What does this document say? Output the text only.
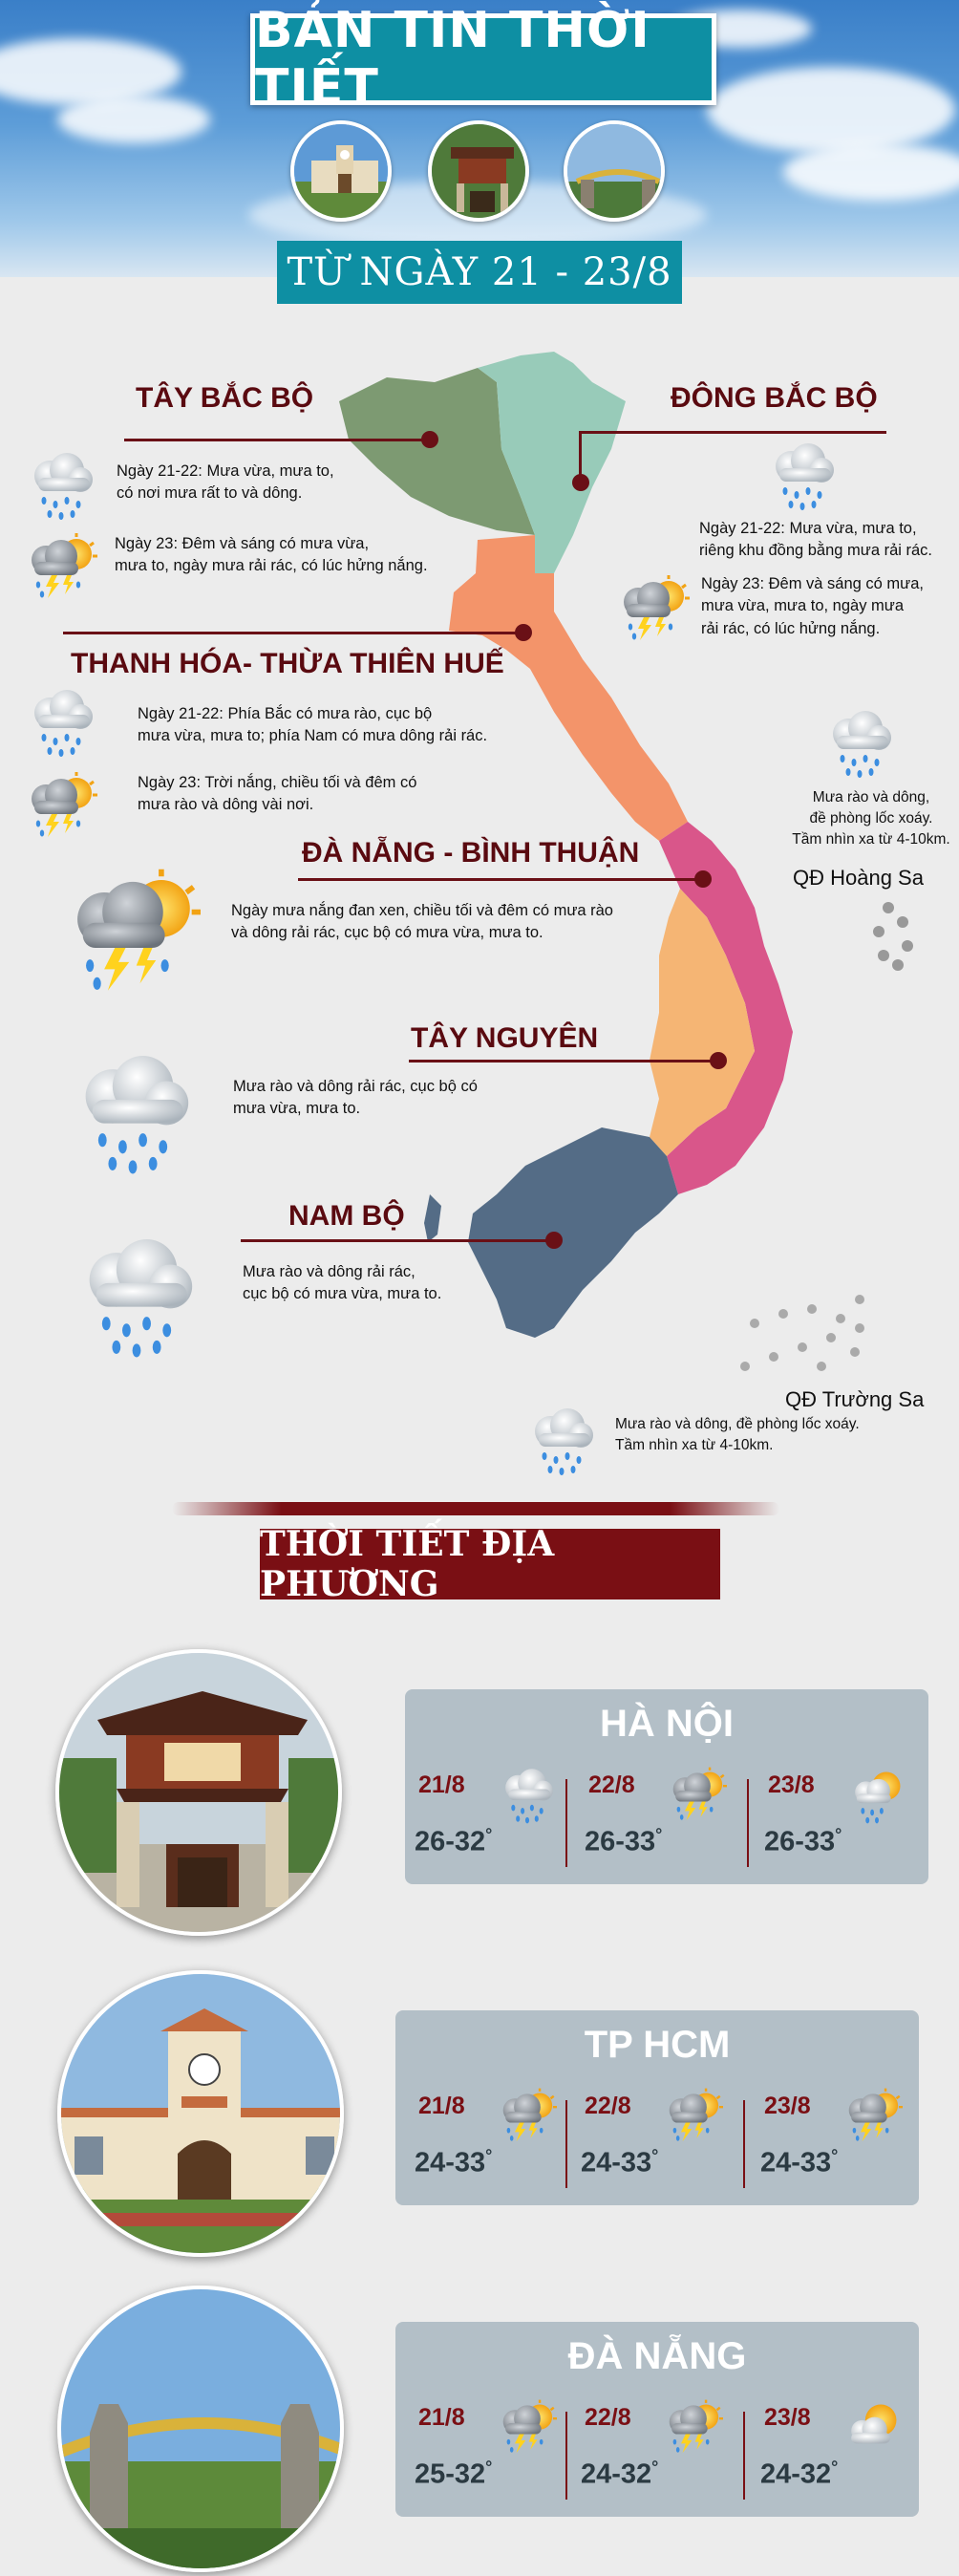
BẢN TIN THỜI TIẾT
TỪ NGÀY 21 - 23/8
TÂY BẮC BỘ	ĐÔNG BẮC BỘ
THANH HÓA- THỪA THIÊN HUẾ
ĐÀ NẴNG - BÌNH THUẬN
TÂY NGUYÊN
NAM BỘ
Ngày 21-22: Mưa vừa, mưa to,
có nơi mưa rất to và dông.
Ngày 23: Đêm và sáng có mưa vừa,
mưa to, ngày mưa rải rác, có lúc hửng nắng.
Ngày 21-22: Mưa vừa, mưa to,
riêng khu đồng bằng mưa rải rác.
Ngày 23: Đêm và sáng có mưa,
mưa vừa, mưa to, ngày mưa
rải rác, có lúc hửng nắng.
Ngày 21-22: Phía Bắc có mưa rào, cục bộ
mưa vừa, mưa to; phía Nam có mưa dông rải rác.
Ngày 23: Trời nắng, chiều tối và đêm có
mưa rào và dông vài nơi.
Ngày mưa nắng đan xen, chiều tối và đêm có mưa rào
và dông rải rác, cục bộ có mưa vừa, mưa to.
Mưa rào và dông rải rác, cục bộ có
mưa vừa, mưa to.
Mưa rào và dông rải rác,
cục bộ có mưa vừa, mưa to.
Mưa rào và dông,
đề phòng lốc xoáy.
Tầm nhìn xa từ 4-10km.
Mưa rào và dông, đề phòng lốc xoáy.
Tầm nhìn xa từ 4-10km.
QĐ Hoàng Sa
QĐ Trường Sa
THỜI TIẾT ĐỊA PHƯƠNG
HÀ NỘI
21/8
26-32°
22/8
26-33°
23/8
26-33°
TP HCM
21/8
24-33°
22/8
24-33°
23/8
24-33°
ĐÀ NẴNG
21/8
25-32°
22/8
24-32°
23/8
24-32°
